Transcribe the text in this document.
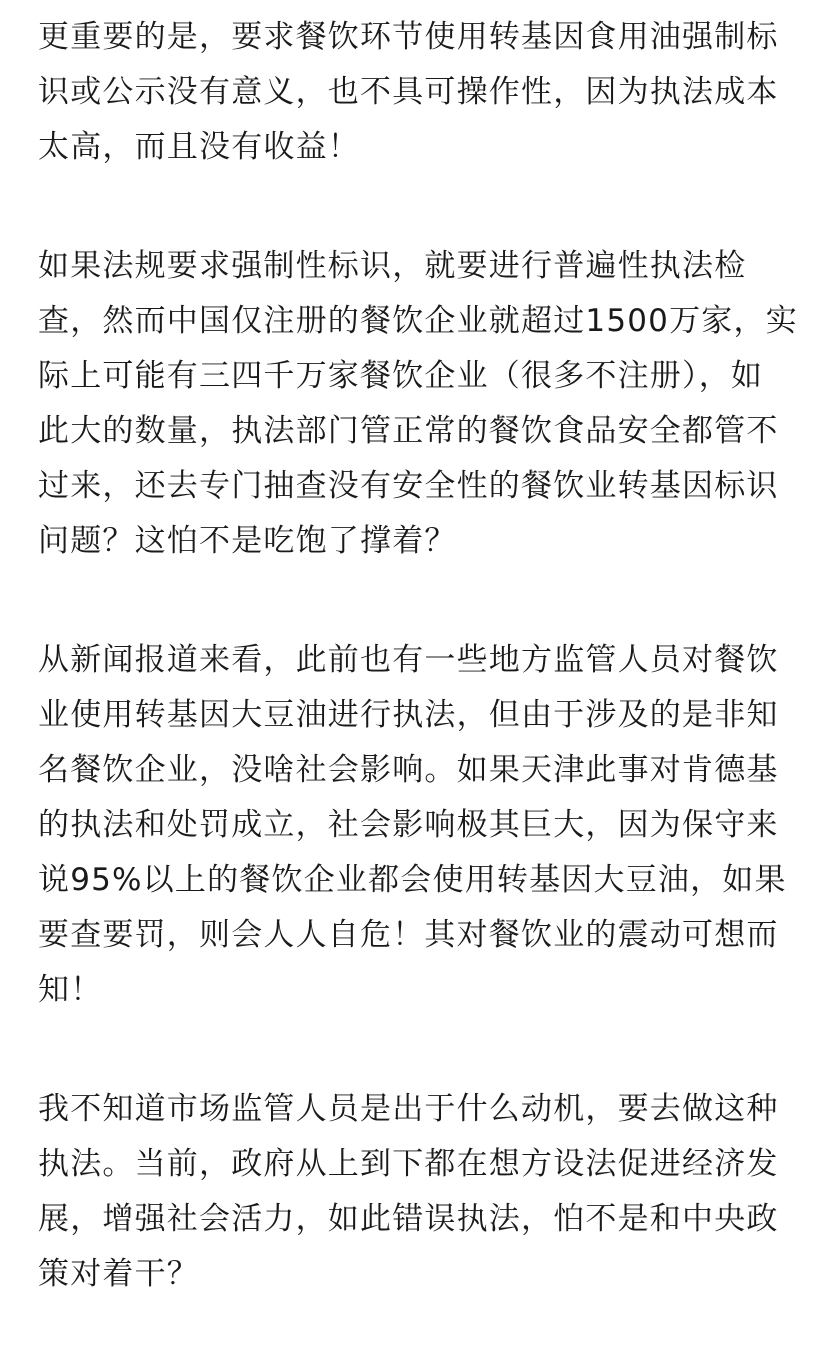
更重要的是，要求餐饮环节使用转基因食用油强制标
识或公示没有意义，也不具可操作性，因为执法成本
太高，而且没有收益！
如果法规要求强制性标识，就要进行普遍性执法检
查，然而中国仅注册的餐饮企业就超过1500万家，实
际上可能有三四千万家餐饮企业（很多不注册），如
此大的数量，执法部门管正常的餐饮食品安全都管不
过来，还去专门抽查没有安全性的餐饮业转基因标识
问题？这怕不是吃饱了撑着？
从新闻报道来看，此前也有一些地方监管人员对餐饮
业使用转基因大豆油进行执法，但由于涉及的是非知
名餐饮企业，没啥社会影响。如果天津此事对肯德基
的执法和处罚成立，社会影响极其巨大，因为保守来
说95%以上的餐饮企业都会使用转基因大豆油，如果
要查要罚，则会人人自危！其对餐饮业的震动可想而
知！
我不知道市场监管人员是出于什么动机，要去做这种
执法。当前，政府从上到下都在想方设法促进经济发
展，增强社会活力，如此错误执法，怕不是和中央政
策对着干？
